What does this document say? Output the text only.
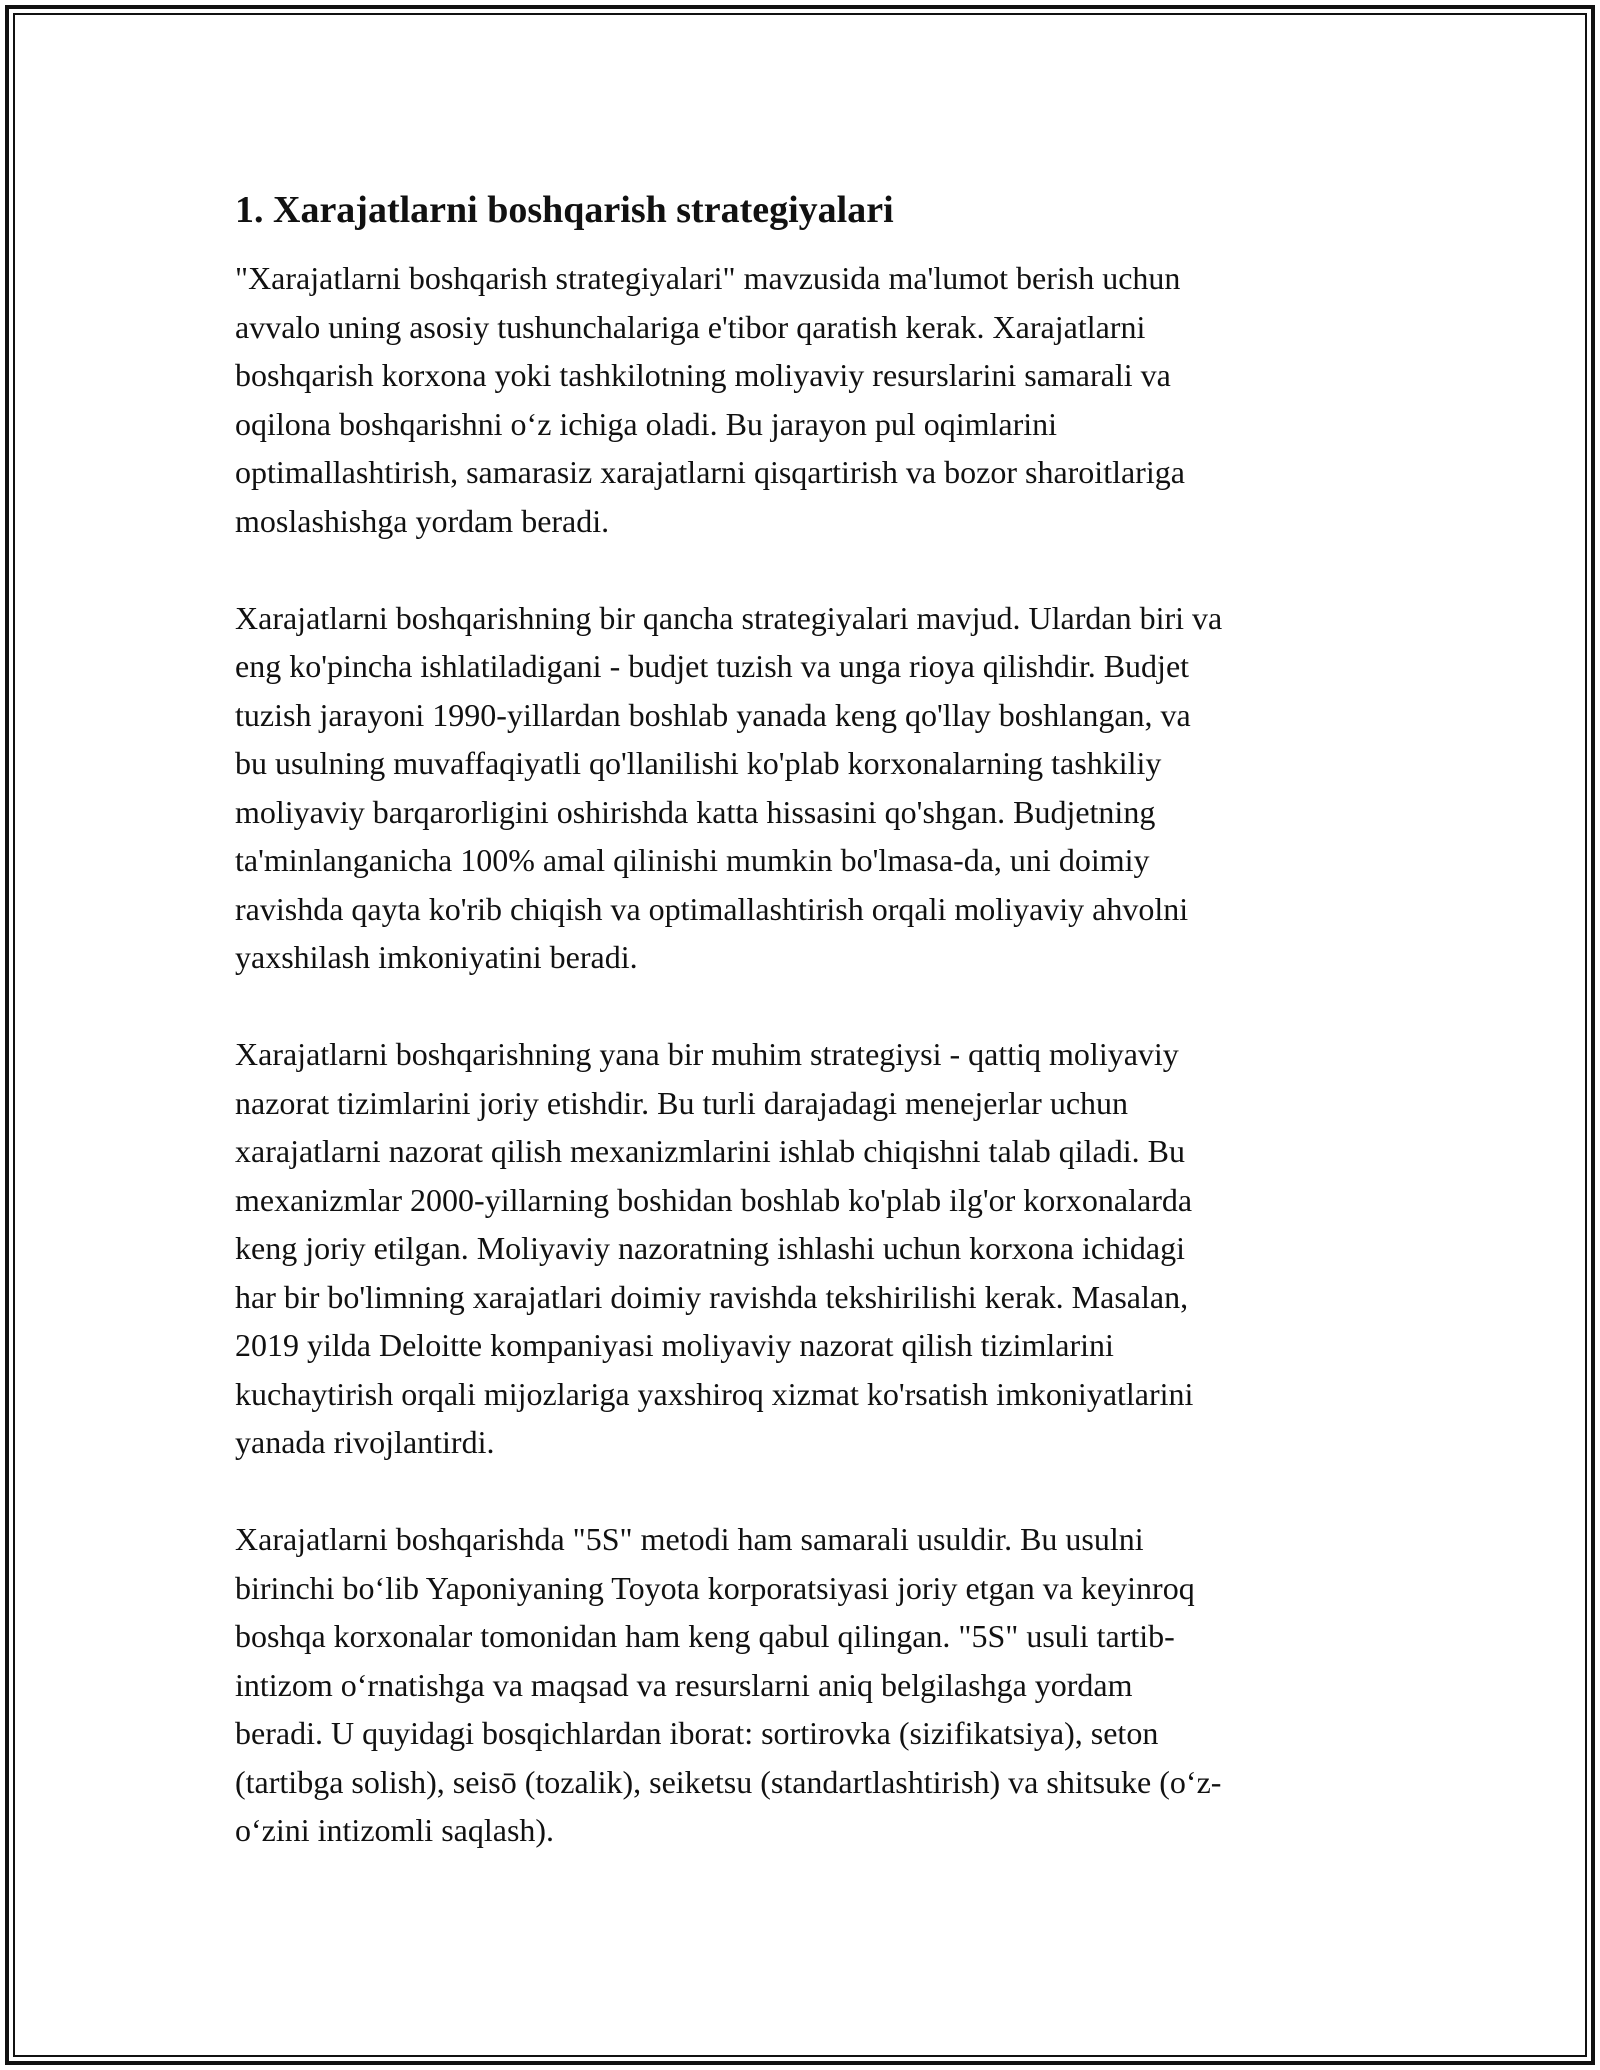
1. Xarajatlarni boshqarish strategiyalari

"Xarajatlarni boshqarish strategiyalari" mavzusida ma'lumot berish uchun
avvalo uning asosiy tushunchalariga e'tibor qaratish kerak. Xarajatlarni
boshqarish korxona yoki tashkilotning moliyaviy resurslarini samarali va
oqilona boshqarishni o‘z ichiga oladi. Bu jarayon pul oqimlarini
optimallashtirish, samarasiz xarajatlarni qisqartirish va bozor sharoitlariga
moslashishga yordam beradi.

Xarajatlarni boshqarishning bir qancha strategiyalari mavjud. Ulardan biri va
eng ko'pincha ishlatiladigani - budjet tuzish va unga rioya qilishdir. Budjet
tuzish jarayoni 1990-yillardan boshlab yanada keng qo'llay boshlangan, va
bu usulning muvaffaqiyatli qo'llanilishi ko'plab korxonalarning tashkiliy
moliyaviy barqarorligini oshirishda katta hissasini qo'shgan. Budjetning
ta'minlanganicha 100% amal qilinishi mumkin bo'lmasa-da, uni doimiy
ravishda qayta ko'rib chiqish va optimallashtirish orqali moliyaviy ahvolni
yaxshilash imkoniyatini beradi.

Xarajatlarni boshqarishning yana bir muhim strategiysi - qattiq moliyaviy
nazorat tizimlarini joriy etishdir. Bu turli darajadagi menejerlar uchun
xarajatlarni nazorat qilish mexanizmlarini ishlab chiqishni talab qiladi. Bu
mexanizmlar 2000-yillarning boshidan boshlab ko'plab ilg'or korxonalarda
keng joriy etilgan. Moliyaviy nazoratning ishlashi uchun korxona ichidagi
har bir bo'limning xarajatlari doimiy ravishda tekshirilishi kerak. Masalan,
2019 yilda Deloitte kompaniyasi moliyaviy nazorat qilish tizimlarini
kuchaytirish orqali mijozlariga yaxshiroq xizmat ko'rsatish imkoniyatlarini
yanada rivojlantirdi.

Xarajatlarni boshqarishda "5S" metodi ham samarali usuldir. Bu usulni
birinchi bo‘lib Yaponiyaning Toyota korporatsiyasi joriy etgan va keyinroq
boshqa korxonalar tomonidan ham keng qabul qilingan. "5S" usuli tartib-
intizom o‘rnatishga va maqsad va resurslarni aniq belgilashga yordam
beradi. U quyidagi bosqichlardan iborat: sortirovka (sizifikatsiya), seton
(tartibga solish), seisō (tozalik), seiketsu (standartlashtirish) va shitsuke (o‘z-
o‘zini intizomli saqlash).
